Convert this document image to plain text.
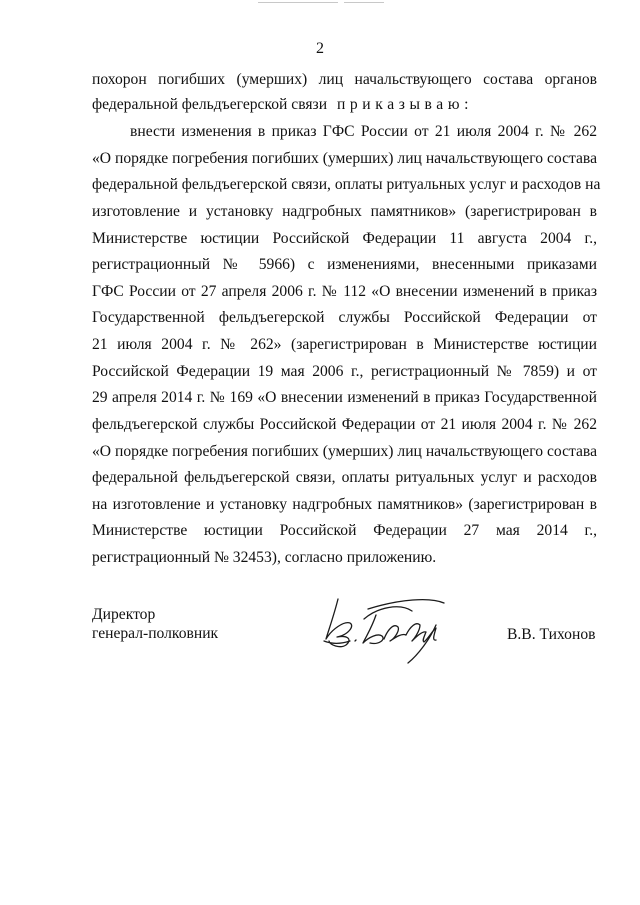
2
похорон погибших (умерших) лиц начальствующего состава органов
федеральной фельдъегерской связи приказываю:
внести изменения в приказ ГФС России от 21 июля 2004 г. № 262
«О порядке погребения погибших (умерших) лиц начальствующего состава
федеральной фельдъегерской связи, оплаты ритуальных услуг и расходов на
изготовление и установку надгробных памятников» (зарегистрирован в
Министерстве юстиции Российской Федерации 11 августа 2004 г.,
регистрационный № 5966) с изменениями, внесенными приказами
ГФС России от 27 апреля 2006 г. № 112 «О внесении изменений в приказ
Государственной фельдъегерской службы Российской Федерации от
21 июля 2004 г. № 262» (зарегистрирован в Министерстве юстиции
Российской Федерации 19 мая 2006 г., регистрационный № 7859) и от
29 апреля 2014 г. № 169 «О внесении изменений в приказ Государственной
фельдъегерской службы Российской Федерации от 21 июля 2004 г. № 262
«О порядке погребения погибших (умерших) лиц начальствующего состава
федеральной фельдъегерской связи, оплаты ритуальных услуг и расходов
на изготовление и установку надгробных памятников» (зарегистрирован в
Министерстве юстиции Российской Федерации 27 мая 2014 г.,
регистрационный № 32453), согласно приложению.
Директор
генерал-полковник	В.В. Тихонов
